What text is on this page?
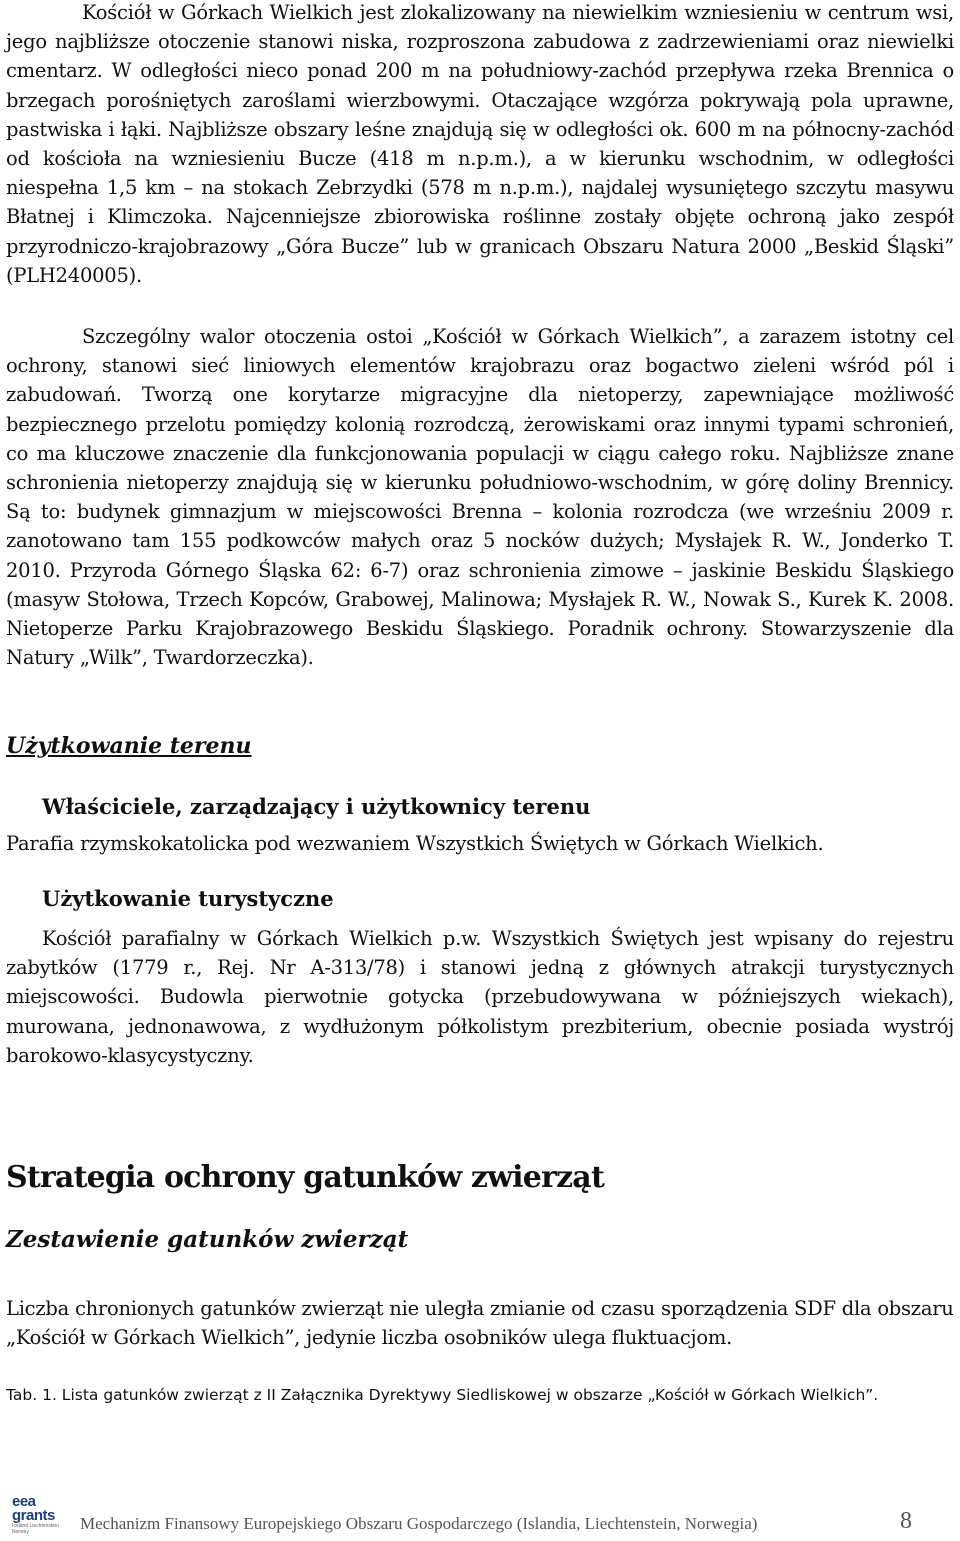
Kościół w Górkach Wielkich jest zlokalizowany na niewielkim wzniesieniu w centrum wsi, jego najbliższe otoczenie stanowi niska, rozproszona zabudowa z zadrzewieniami oraz niewielki cmentarz. W odległości nieco ponad 200 m na południowy-zachód przepływa rzeka Brennica o brzegach porośniętych zaroślami wierzbowymi. Otaczające wzgórza pokrywają pola uprawne, pastwiska i łąki. Najbliższe obszary leśne znajdują się w odległości ok. 600 m na północny-zachód od kościoła na wzniesieniu Bucze (418 m n.p.m.), a w kierunku wschodnim, w odległości niespełna 1,5 km – na stokach Zebrzydki (578 m n.p.m.), najdalej wysuniętego szczytu masywu Błatnej i Klimczoka. Najcenniejsze zbiorowiska roślinne zostały objęte ochroną jako zespół przyrodniczo-krajobrazowy „Góra Bucze” lub w granicach Obszaru Natura 2000 „Beskid Śląski” (PLH240005).

Szczególny walor otoczenia ostoi „Kościół w Górkach Wielkich”, a zarazem istotny cel ochrony, stanowi sieć liniowych elementów krajobrazu oraz bogactwo zieleni wśród pól i zabudowań. Tworzą one korytarze migracyjne dla nietoperzy, zapewniające możliwość bezpiecznego przelotu pomiędzy kolonią rozrodczą, żerowiskami oraz innymi typami schronień, co ma kluczowe znaczenie dla funkcjonowania populacji w ciągu całego roku. Najbliższe znane schronienia nietoperzy znajdują się w kierunku południowo-wschodnim, w górę doliny Brennicy. Są to: budynek gimnazjum w miejscowości Brenna – kolonia rozrodcza (we wrześniu 2009 r. zanotowano tam 155 podkowców małych oraz 5 nocków dużych; Mysłajek R. W., Jonderko T. 2010. Przyroda Górnego Śląska 62: 6-7) oraz schronienia zimowe – jaskinie Beskidu Śląskiego (masyw Stołowa, Trzech Kopców, Grabowej, Malinowa; Mysłajek R. W., Nowak S., Kurek K. 2008. Nietoperze Parku Krajobrazowego Beskidu Śląskiego. Poradnik ochrony. Stowarzyszenie dla Natury „Wilk”, Twardorzeczka).

Użytkowanie terenu
Właściciele, zarządzający i użytkownicy terenu

Parafia rzymskokatolicka pod wezwaniem Wszystkich Świętych w Górkach Wielkich.

Użytkowanie turystyczne

Kościół parafialny w Górkach Wielkich p.w. Wszystkich Świętych jest wpisany do rejestru zabytków (1779 r., Rej. Nr A-313/78) i stanowi jedną z głównych atrakcji turystycznych miejscowości. Budowla pierwotnie gotycka (przebudowywana w późniejszych wiekach), murowana, jednonawowa, z wydłużonym półkolistym prezbiterium, obecnie posiada wystrój barokowo-klasycystyczny.

Strategia ochrony gatunków zwierząt
Zestawienie gatunków zwierząt

Liczba chronionych gatunków zwierząt nie uległa zmianie od czasu sporządzenia SDF dla obszaru „Kościół w Górkach Wielkich”, jedynie liczba osobników ulega fluktuacjom.

Tab. 1. Lista gatunków zwierząt z II Załącznika Dyrektywy Siedliskowej w obszarze „Kościół w Górkach Wielkich”.

eea
grants
Iceland Liechtenstein Norway	Mechanizm Finansowy Europejskiego Obszaru Gospodarczego (Islandia, Liechtenstein, Norwegia)	8
